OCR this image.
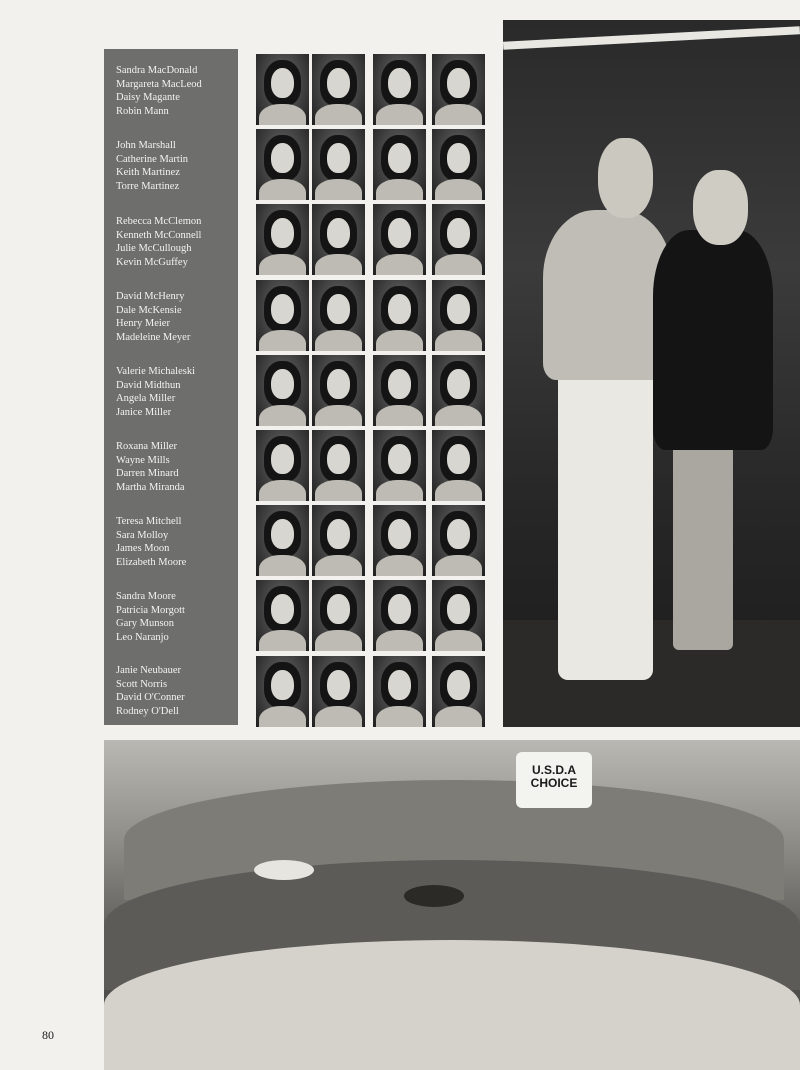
Sandra MacDonald
Margareta MacLeod
Daisy Magante
Robin Mann
John Marshall
Catherine Martin
Keith Martinez
Torre Martinez
Rebecca McClemon
Kenneth McConnell
Julie McCullough
Kevin McGuffey
David McHenry
Dale McKensie
Henry Meier
Madeleine Meyer
Valerie Michaleski
David Midthun
Angela Miller
Janice Miller
Roxana Miller
Wayne Mills
Darren Minard
Martha Miranda
Teresa Mitchell
Sara Molloy
James Moon
Elizabeth Moore
Sandra Moore
Patricia Morgott
Gary Munson
Leo Naranjo
Janie Neubauer
Scott Norris
David O'Conner
Rodney O'Dell
U.S.D.A CHOICE
80
